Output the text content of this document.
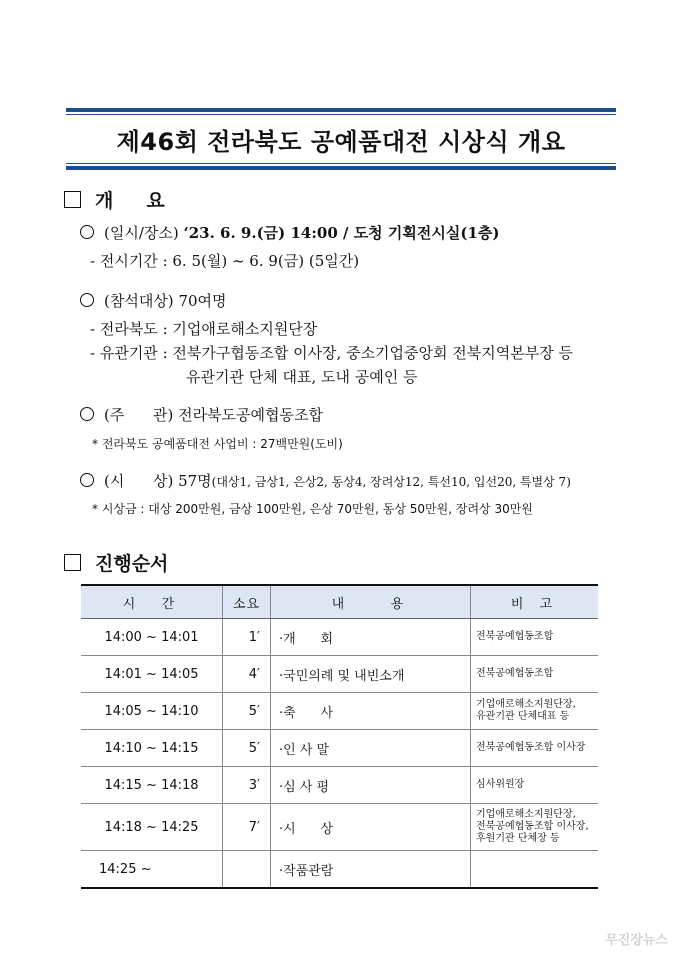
제46회 전라북도 공예품대전 시상식 개요
개     요
(일시/장소) ‘23. 6. 9.(금) 14:00 / 도청 기획전시실(1층)
- 전시기간 : 6. 5(월) ~ 6. 9(금) (5일간)
(참석대상) 70여명
- 전라북도 : 기업애로해소지원단장
- 유관기관 : 전북가구협동조합 이사장, 중소기업중앙회 전북지역본부장 등
유관기관 단체 대표, 도내 공예인 등
(주      관) 전라북도공예협동조합
* 전라북도 공예품대전 사업비 : 27백만원(도비)
(시      상) 57명(대상1, 금상1, 은상2, 동상4, 장려상12, 특선10, 입선20, 특별상 7)
* 시상금 : 대상 200만원, 금상 100만원, 은상 70만원, 동상 50만원, 장려상 30만원
진행순서
시  간	소요	내    용	비 고
14:00 ~ 14:01	1′	·개      회	전북공예협동조합
14:01 ~ 14:05	4′	·국민의례 및 내빈소개	전북공예협동조합
14:05 ~ 14:10	5′	·축      사	기업애로해소지원단장,
유관기관 단체대표 등
14:10 ~ 14:15	5′	·인 사 말	전북공예협동조합 이사장
14:15 ~ 14:18	3′	·심 사 평	심사위원장
14:18 ~ 14:25	7′	·시      상	기업애로해소지원단장,
전북공예협동조합 이사장,
후원기관 단체장 등
14:25 ~		·작품관람	
무진장뉴스
